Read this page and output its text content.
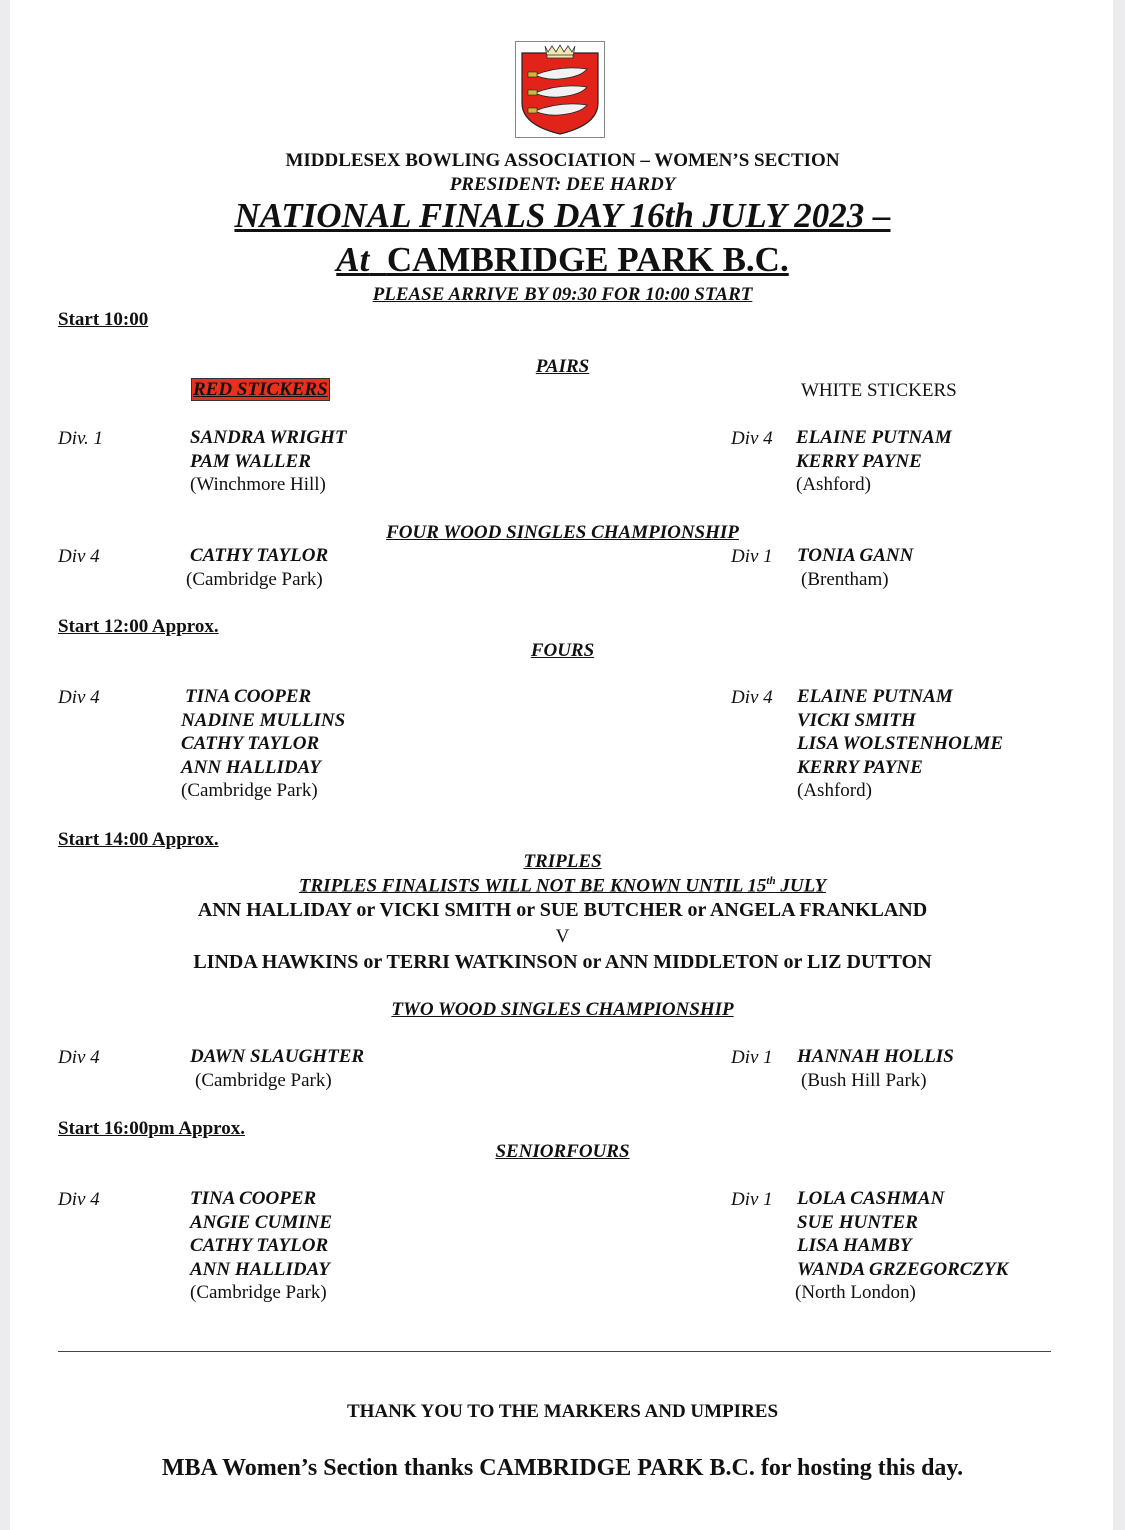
MIDDLESEX BOWLING ASSOCIATION – WOMEN’S SECTION
PRESIDENT: DEE HARDY
NATIONAL FINALS DAY 16th JULY 2023 –
At CAMBRIDGE PARK B.C.
PLEASE ARRIVE BY 09:30 FOR 10:00 START
Start 10:00
PAIRS
RED STICKERS	WHITE STICKERS
Div. 1	SANDRA WRIGHT
PAM WALLER
(Winchmore Hill)
Div 4 ELAINE PUTNAM
KERRY PAYNE
(Ashford)
FOUR WOOD SINGLES CHAMPIONSHIP
Div 4	CATHY TAYLOR
(Cambridge Park)
Div 1 TONIA GANN
(Brentham)
Start 12:00 Approx.
FOURS
Div 4	TINA COOPER
NADINE MULLINS
CATHY TAYLOR
ANN HALLIDAY
(Cambridge Park)
Div 4 ELAINE PUTNAM
VICKI SMITH
LISA WOLSTENHOLME
KERRY PAYNE
(Ashford)
Start 14:00 Approx.
TRIPLES
TRIPLES FINALISTS WILL NOT BE KNOWN UNTIL 15th JULY
ANN HALLIDAY or VICKI SMITH or SUE BUTCHER or ANGELA FRANKLAND
V
LINDA HAWKINS or TERRI WATKINSON or ANN MIDDLETON or LIZ DUTTON
TWO WOOD SINGLES CHAMPIONSHIP
Div 4	DAWN SLAUGHTER
(Cambridge Park)
Div 1 HANNAH HOLLIS
(Bush Hill Park)
Start 16:00pm Approx.
SENIORFOURS
Div 4	TINA COOPER
ANGIE CUMINE
CATHY TAYLOR
ANN HALLIDAY
(Cambridge Park)
Div 1 LOLA CASHMAN
SUE HUNTER
LISA HAMBY
WANDA GRZEGORCZYK
(North London)
THANK YOU TO THE MARKERS AND UMPIRES
MBA Women’s Section thanks CAMBRIDGE PARK B.C. for hosting this day.
